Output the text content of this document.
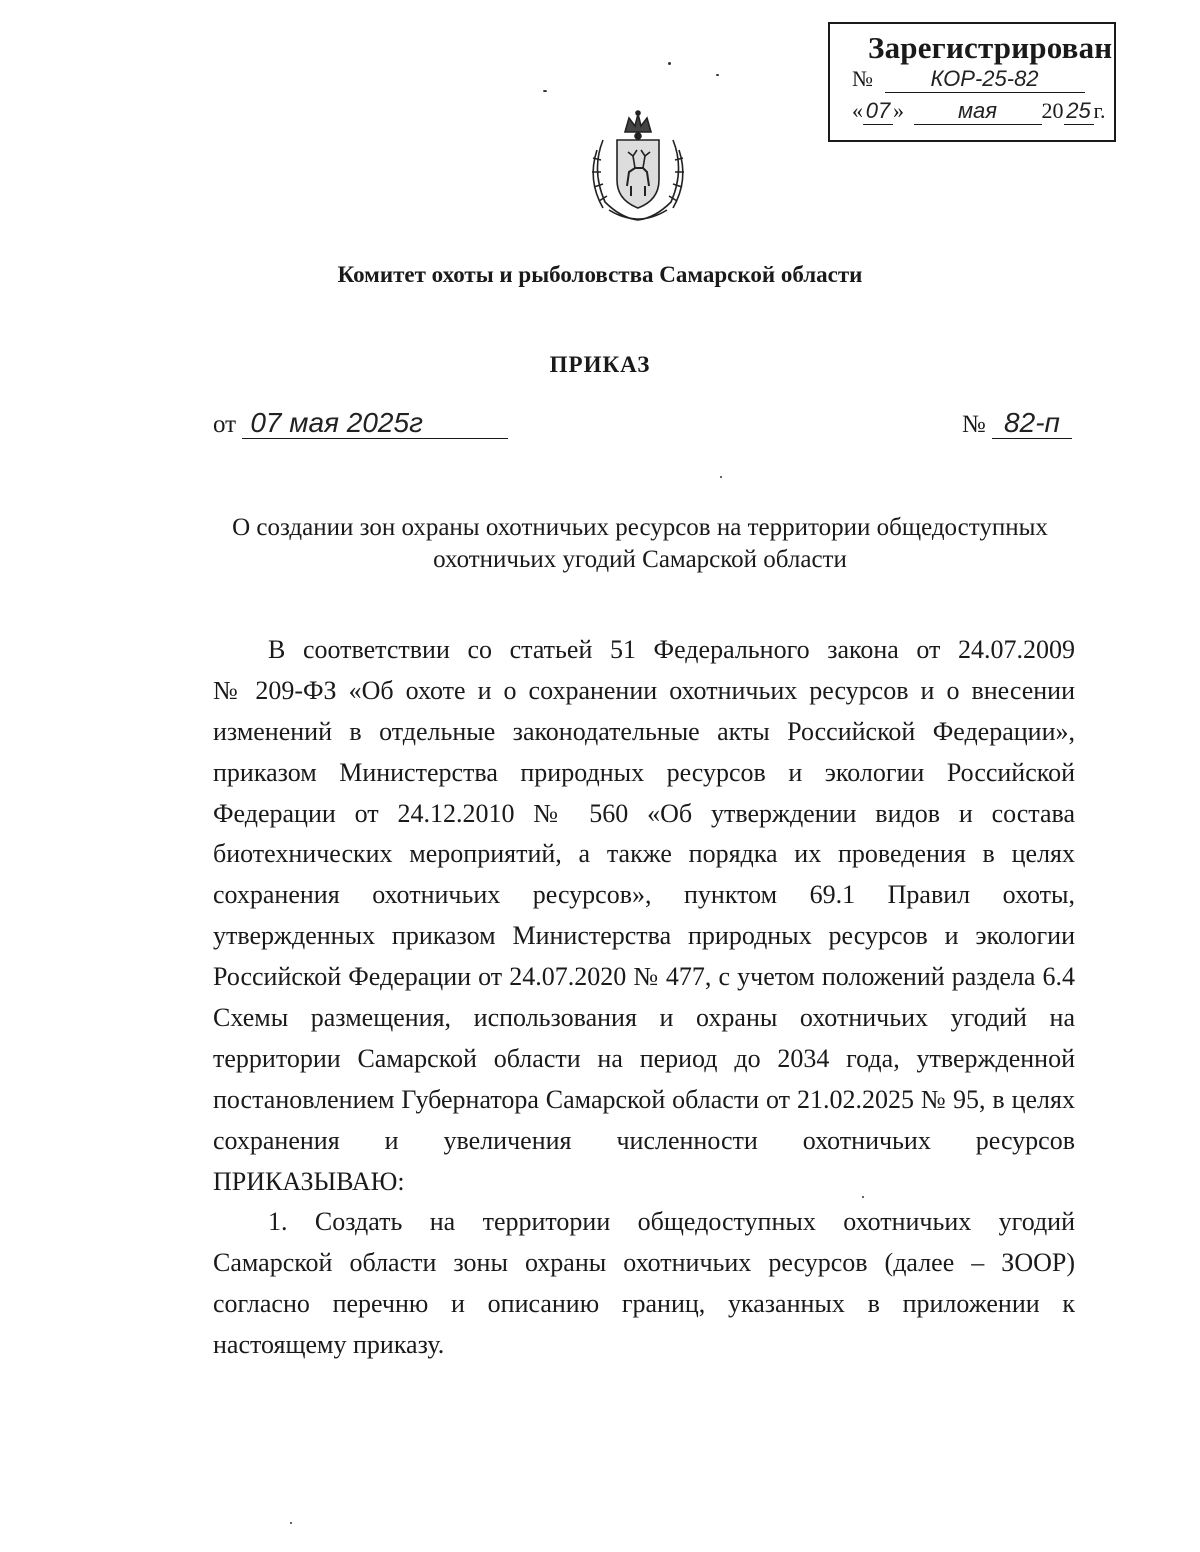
Зарегистрирован
№	КОР-25-82
« 07 » мая 20 25 г.
Комитет охоты и рыболовства Самарской области
ПРИКАЗ
от 07 мая 2025г	№ 82-п
О создании зон охраны охотничьих ресурсов на территории общедоступных
охотничьих угодий Самарской области
В соответствии со статьей 51 Федерального закона от 24.07.2009
№ 209-ФЗ «Об охоте и о сохранении охотничьих ресурсов и о внесении
изменений в отдельные законодательные акты Российской Федерации»,
приказом Министерства природных ресурсов и экологии Российской
Федерации от 24.12.2010 № 560 «Об утверждении видов и состава
биотехнических мероприятий, а также порядка их проведения в целях
сохранения охотничьих ресурсов», пунктом 69.1 Правил охоты,
утвержденных приказом Министерства природных ресурсов и экологии
Российской Федерации от 24.07.2020 № 477, с учетом положений раздела 6.4
Схемы размещения, использования и охраны охотничьих угодий на
территории Самарской области на период до 2034 года, утвержденной
постановлением Губернатора Самарской области от 21.02.2025 № 95, в целях
сохранения и увеличения численности охотничьих ресурсов
ПРИКАЗЫВАЮ:
1. Создать на территории общедоступных охотничьих угодий
Самарской области зоны охраны охотничьих ресурсов (далее – ЗООР)
согласно перечню и описанию границ, указанных в приложении к
настоящему приказу.
